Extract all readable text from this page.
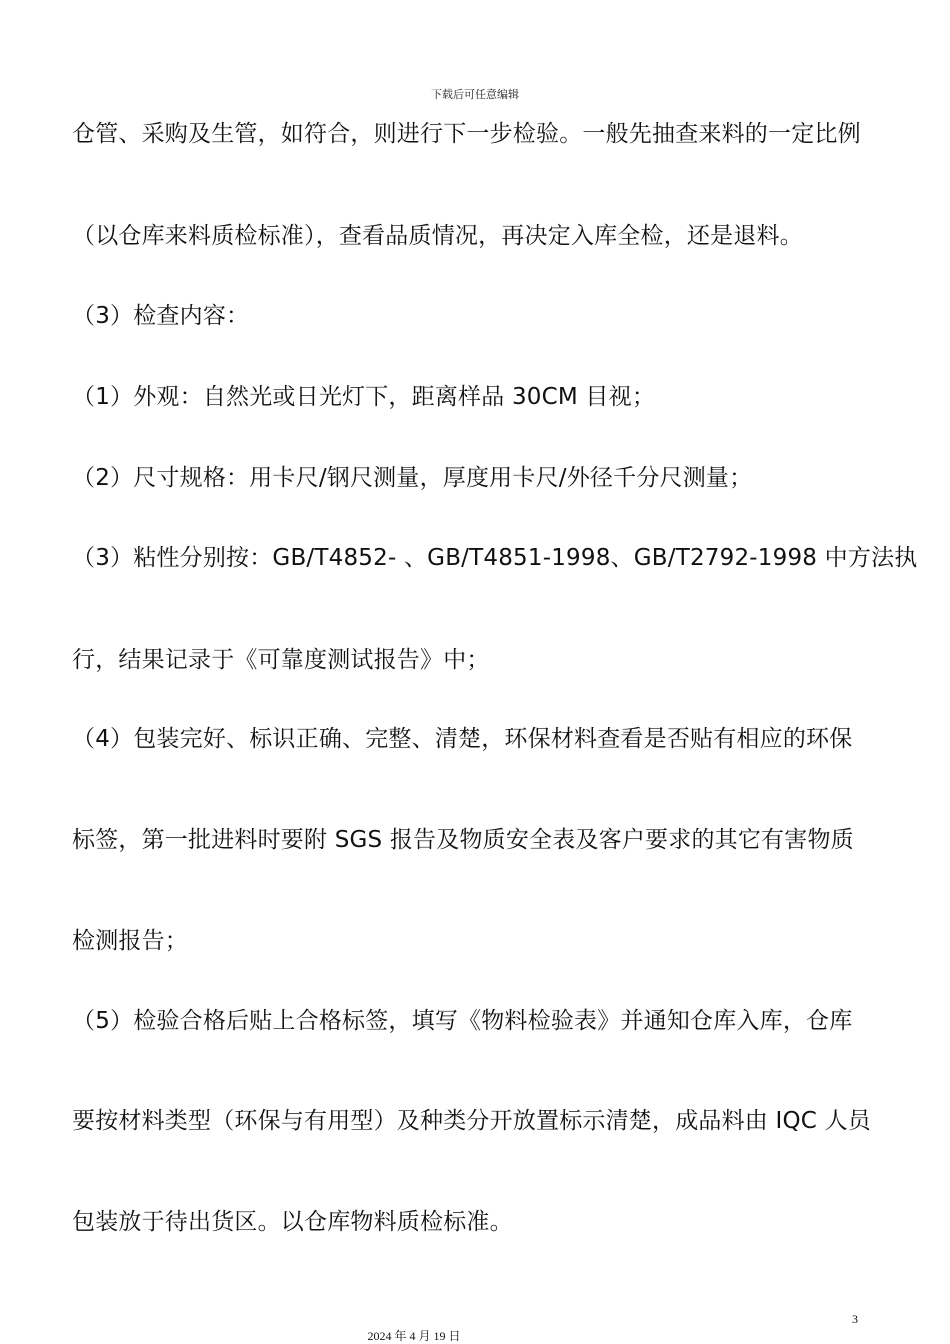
下载后可任意编辑
仓管、采购及生管，如符合，则进行下一步检验。一般先抽查来料的一定比例
（以仓库来料质检标准），查看品质情况，再决定入库全检，还是退料。
（3）检查内容：
（1）外观：自然光或日光灯下，距离样品 30CM 目视；
（2）尺寸规格：用卡尺/钢尺测量，厚度用卡尺/外径千分尺测量；
（3）粘性分别按：GB/T4852- 、GB/T4851-1998、GB/T2792-1998 中方法执
行，结果记录于《可靠度测试报告》中；
（4）包装完好、标识正确、完整、清楚，环保材料查看是否贴有相应的环保
标签，第一批进料时要附 SGS 报告及物质安全表及客户要求的其它有害物质
检测报告；
（5）检验合格后贴上合格标签，填写《物料检验表》并通知仓库入库，仓库
要按材料类型（环保与有用型）及种类分开放置标示清楚，成品料由 IQC 人员
包装放于待出货区。以仓库物料质检标准。
3
2024 年 4 月 19 日
